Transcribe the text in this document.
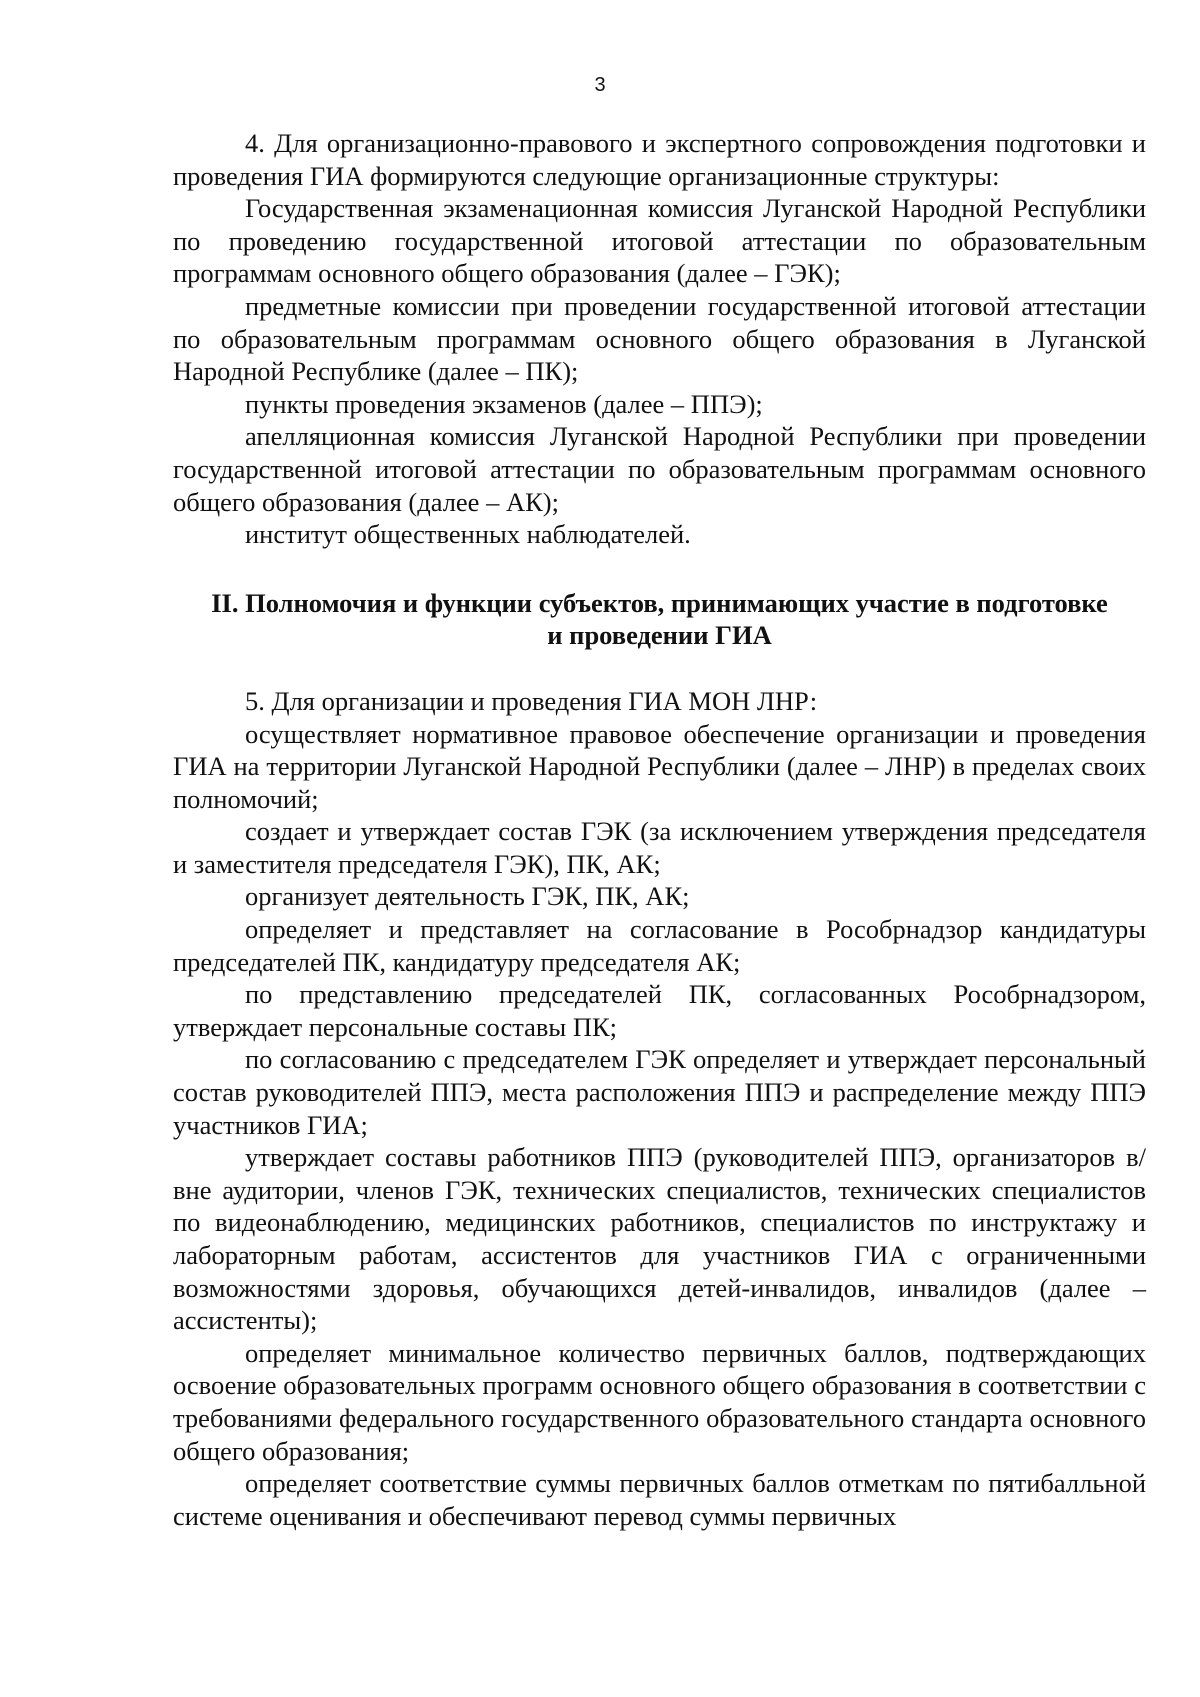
3

4. Для организационно-правового и экспертного сопровождения подготовки и проведения ГИА формируются следующие организационные структуры:

Государственная экзаменационная комиссия Луганской Народной Республики по проведению государственной итоговой аттестации по образовательным программам основного общего образования (далее – ГЭК);

предметные комиссии при проведении государственной итоговой аттестации по образовательным программам основного общего образования в Луганской Народной Республике (далее – ПК);

пункты проведения экзаменов (далее – ППЭ);

апелляционная комиссия Луганской Народной Республики при проведении государственной итоговой аттестации по образовательным программам основного общего образования (далее – АК);

институт общественных наблюдателей.

II. Полномочия и функции субъектов, принимающих участие в подготовке

и проведении ГИА

5. Для организации и проведения ГИА МОН ЛНР:

осуществляет нормативное правовое обеспечение организации и проведения ГИА на территории Луганской Народной Республики (далее – ЛНР) в пределах своих полномочий;

создает и утверждает состав ГЭК (за исключением утверждения председателя и заместителя председателя ГЭК), ПК, АК;

организует деятельность ГЭК, ПК, АК;

определяет и представляет на согласование в Рособрнадзор кандидатуры председателей ПК, кандидатуру председателя АК;

по представлению председателей ПК, согласованных Рособрнадзором, утверждает персональные составы ПК;

по согласованию с председателем ГЭК определяет и утверждает персональный состав руководителей ППЭ, места расположения ППЭ и распределение между ППЭ участников ГИА;

утверждает составы работников ППЭ (руководителей ППЭ, организаторов в/вне аудитории, членов ГЭК, технических специалистов, технических специалистов по видеонаблюдению, медицинских работников, специалистов по инструктажу и лабораторным работам, ассистентов для участников ГИА с ограниченными возможностями здоровья, обучающихся детей-инвалидов, инвалидов (далее – ассистенты);

определяет минимальное количество первичных баллов, подтверждающих освоение образовательных программ основного общего образования в соответствии с требованиями федерального государственного образовательного стандарта основного общего образования;

определяет соответствие суммы первичных баллов отметкам по пятибалльной системе оценивания и обеспечивают перевод суммы первичных
